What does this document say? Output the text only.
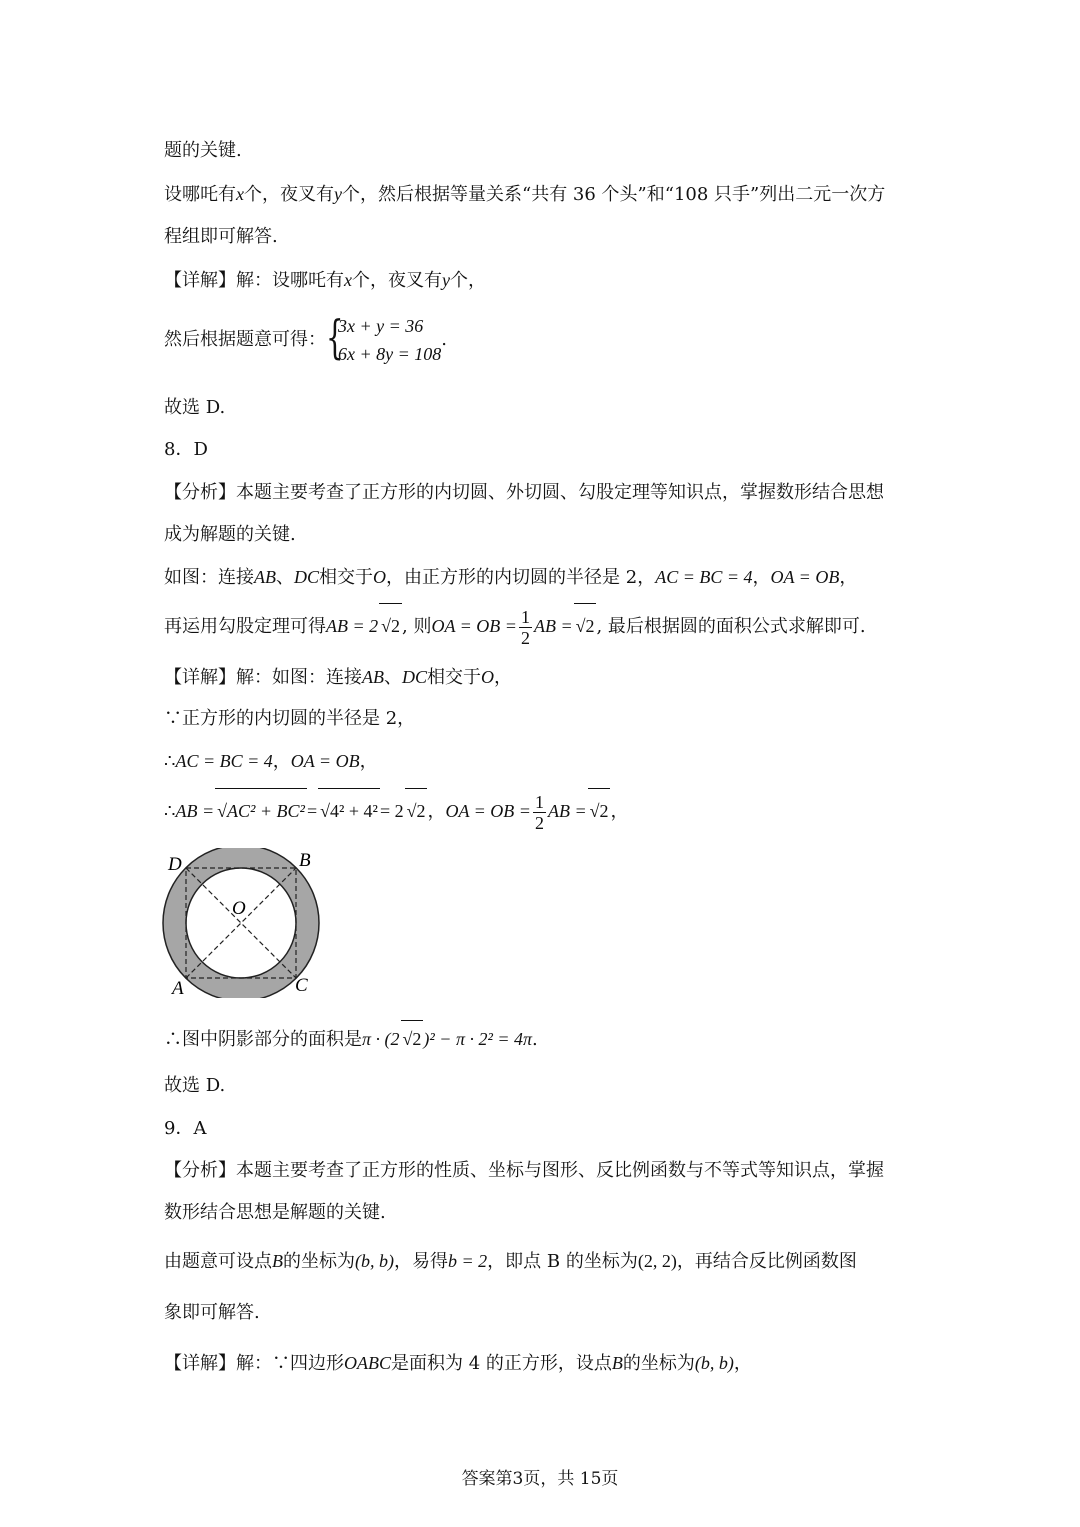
题的关键.
设哪吒有x个，夜叉有y个，然后根据等量关系“共有 36 个头”和“108 只手”列出二元一次方
程组即可解答.
【详解】解：设哪吒有x个，夜叉有y个，
然后根据题意可得： {
3x + y = 36
6x + 8y = 108
.
故选 D.
8．D
【分析】本题主要考查了正方形的内切圆、外切圆、勾股定理等知识点，掌握数形结合思想
成为解题的关键.
如图：连接AB、DC相交于O，由正方形的内切圆的半径是 2，AC = BC = 4，OA = OB，
再运用勾股定理可得AB = 2 √2 , 则OA = OB = $\frac{1}{2}$ AB = √2 , 最后根据圆的面积公式求解即可.
【详解】解：如图：连接AB、DC相交于O，
∵正方形的内切圆的半径是 2，
∴AC = BC = 4，OA = OB，
∴AB = √AC² + BC² = √4² + 4² = 2 √2 ，OA = OB = $\frac{1}{2}$ AB = √2 ，
D	B
O
A	C
∴图中阴影部分的面积是π · (2 √2 )² − π · 2² = 4π.
故选 D.
9．A
【分析】本题主要考查了正方形的性质、坐标与图形、反比例函数与不等式等知识点，掌握
数形结合思想是解题的关键.
由题意可设点B的坐标为(b, b)，易得b = 2，即点 B 的坐标为(2, 2)，再结合反比例函数图
象即可解答.
【详解】解：∵四边形OABC是面积为 4 的正方形，设点B的坐标为(b, b)，
答案第3页，共 15页
